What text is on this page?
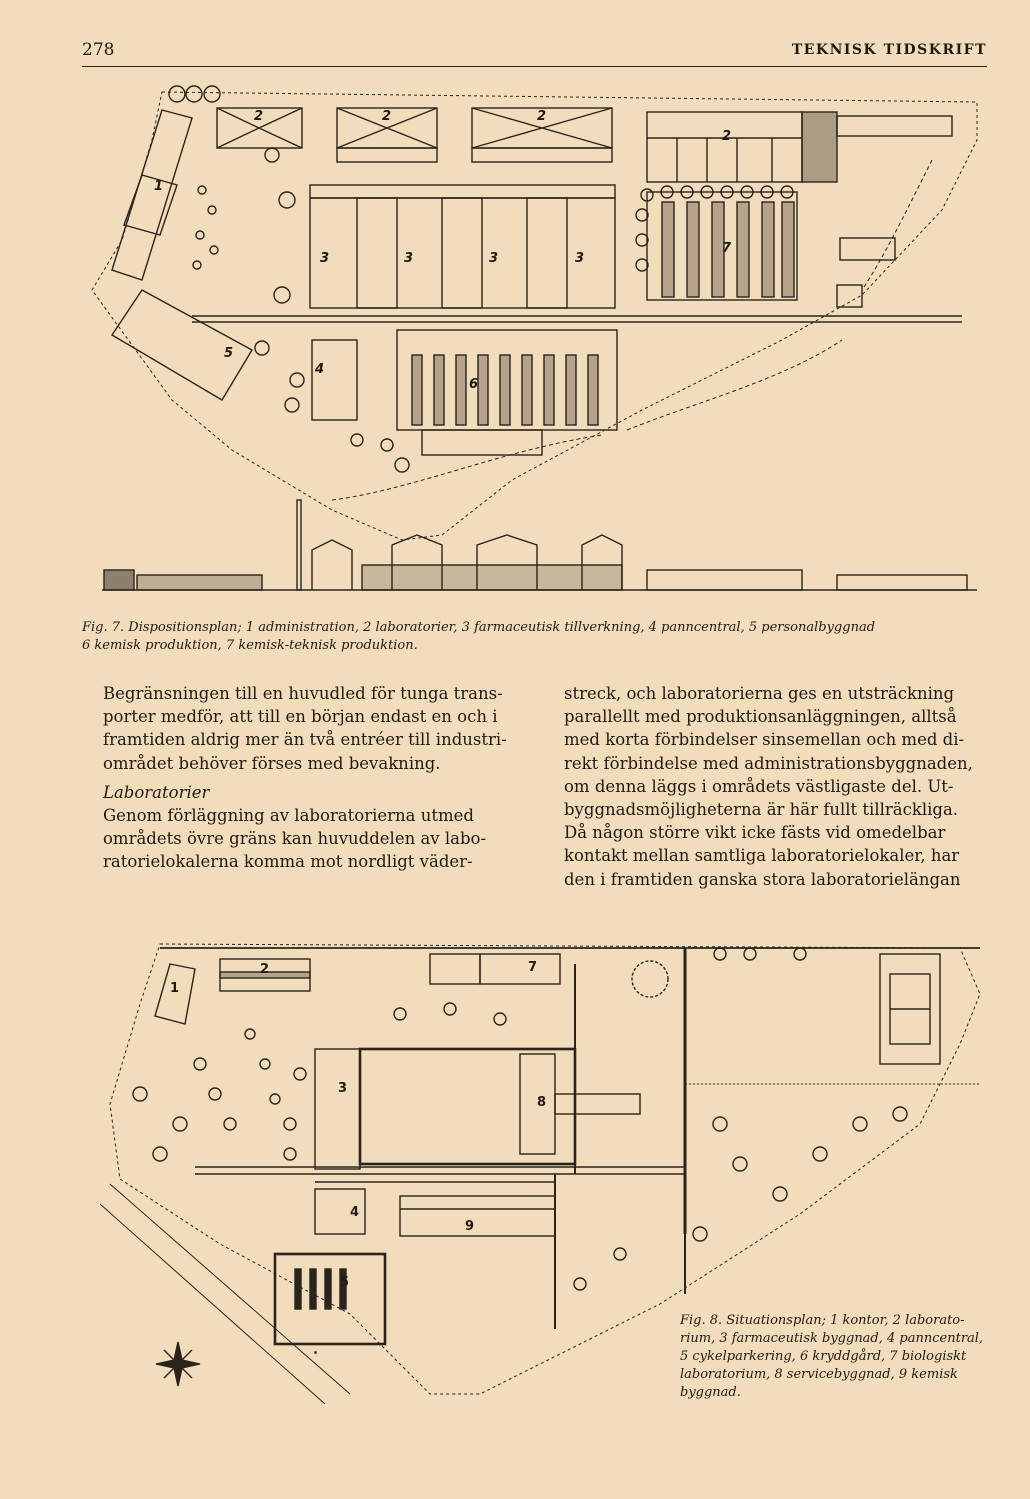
278	TEKNISK TIDSKRIFT
2	2	2
2
1
3	3	3	3
7
5
4
6
Fig. 7. Dispositionsplan; 1 administration, 2 laboratorier, 3 farmaceutisk tillverkning, 4 panncentral, 5 personalbyggnad
6 kemisk produktion, 7 kemisk-teknisk produktion.

Begränsningen till en huvudled för tunga trans-

porter medför, att till en början endast en och i

framtiden aldrig mer än två entréer till industri-

området behöver förses med bevakning.

Laboratorier

Genom förläggning av laboratorierna utmed

områdets övre gräns kan huvuddelen av labo-

ratorielokalerna komma mot nordligt väder-

streck, och laboratorierna ges en utsträckning

parallellt med produktionsanläggningen, alltså

med korta förbindelser sinsemellan och med di-

rekt förbindelse med administrationsbyggnaden,

om denna läggs i områdets västligaste del. Ut-

byggnadsmöjligheterna är här fullt tillräckliga.

Då någon större vikt icke fästs vid omedelbar

kontakt mellan samtliga laboratorielokaler, har

den i framtiden ganska stora laboratorielängan

1
2	7
3
8
4
9
5
Fig. 8. Situationsplan; 1 kontor, 2 laborato-
rium, 3 farmaceutisk byggnad, 4 panncentral,
5 cykelparkering, 6 kryddgård, 7 biologiskt
laboratorium, 8 servicebyggnad, 9 kemisk
byggnad.
